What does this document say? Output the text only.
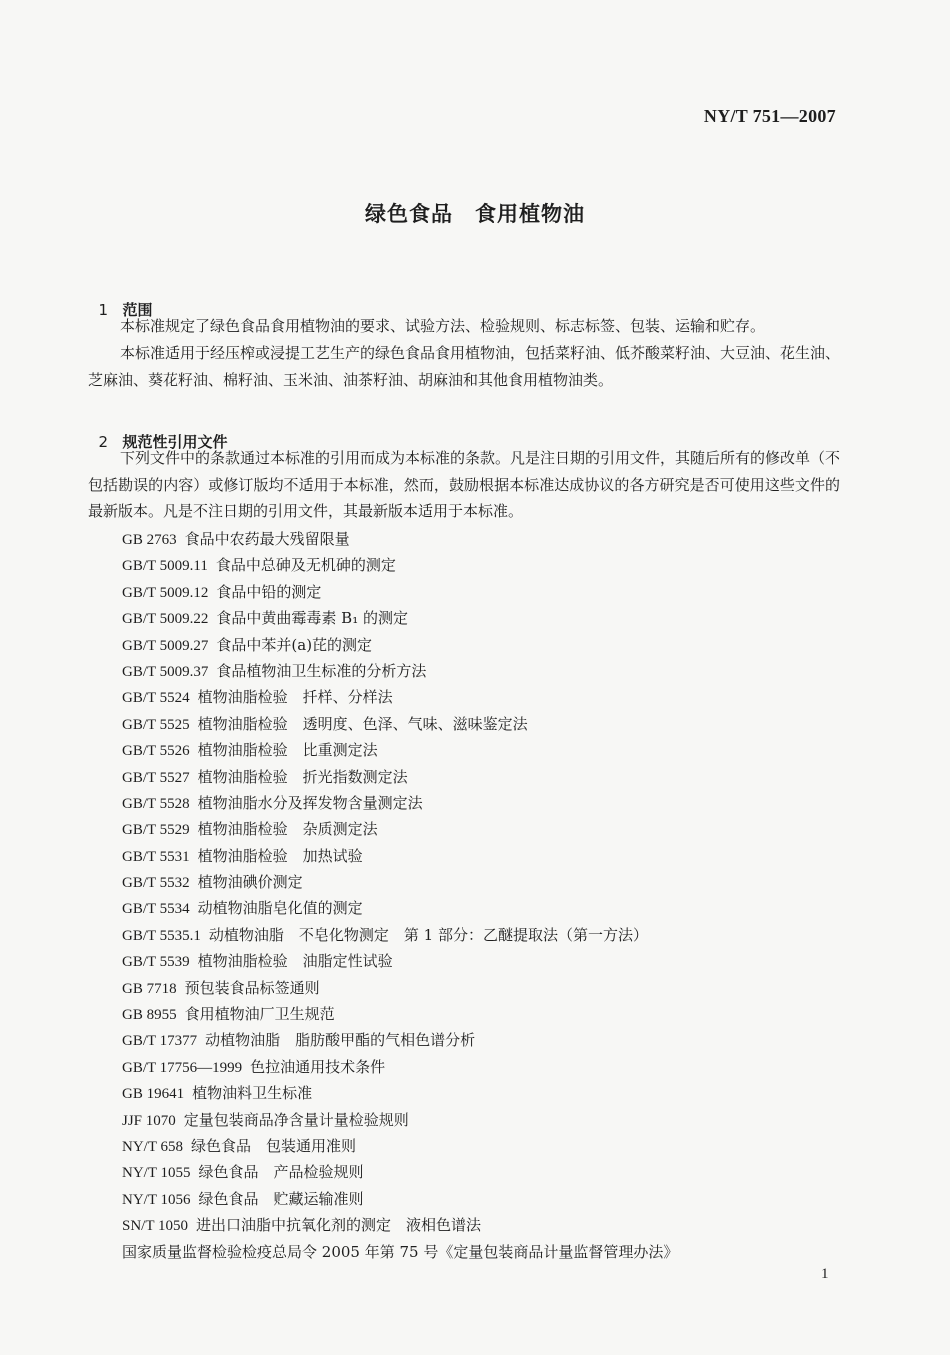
NY/T 751—2007
绿色食品　食用植物油

1 范围

本标准规定了绿色食品食用植物油的要求、试验方法、检验规则、标志标签、包装、运输和贮存。

本标准适用于经压榨或浸提工艺生产的绿色食品食用植物油，包括菜籽油、低芥酸菜籽油、大豆油、花生油、芝麻油、葵花籽油、棉籽油、玉米油、油茶籽油、胡麻油和其他食用植物油类。

2 规范性引用文件

下列文件中的条款通过本标准的引用而成为本标准的条款。凡是注日期的引用文件，其随后所有的修改单（不包括勘误的内容）或修订版均不适用于本标准，然而，鼓励根据本标准达成协议的各方研究是否可使用这些文件的最新版本。凡是不注日期的引用文件，其最新版本适用于本标准。

GB 2763 食品中农药最大残留限量
GB/T 5009.11 食品中总砷及无机砷的测定
GB/T 5009.12 食品中铅的测定
GB/T 5009.22 食品中黄曲霉毒素 B₁ 的测定
GB/T 5009.27 食品中苯并(a)芘的测定
GB/T 5009.37 食品植物油卫生标准的分析方法
GB/T 5524 植物油脂检验　扦样、分样法
GB/T 5525 植物油脂检验　透明度、色泽、气味、滋味鉴定法
GB/T 5526 植物油脂检验　比重测定法
GB/T 5527 植物油脂检验　折光指数测定法
GB/T 5528 植物油脂水分及挥发物含量测定法
GB/T 5529 植物油脂检验　杂质测定法
GB/T 5531 植物油脂检验　加热试验
GB/T 5532 植物油碘价测定
GB/T 5534 动植物油脂皂化值的测定
GB/T 5535.1 动植物油脂　不皂化物测定　第 1 部分：乙醚提取法（第一方法）
GB/T 5539 植物油脂检验　油脂定性试验
GB 7718 预包装食品标签通则
GB 8955 食用植物油厂卫生规范
GB/T 17377 动植物油脂　脂肪酸甲酯的气相色谱分析
GB/T 17756—1999 色拉油通用技术条件
GB 19641 植物油料卫生标准
JJF 1070 定量包装商品净含量计量检验规则
NY/T 658 绿色食品　包装通用准则
NY/T 1055 绿色食品　产品检验规则
NY/T 1056 绿色食品　贮藏运输准则
SN/T 1050 进出口油脂中抗氧化剂的测定　液相色谱法
国家质量监督检验检疫总局令 2005 年第 75 号《定量包装商品计量监督管理办法》
1
